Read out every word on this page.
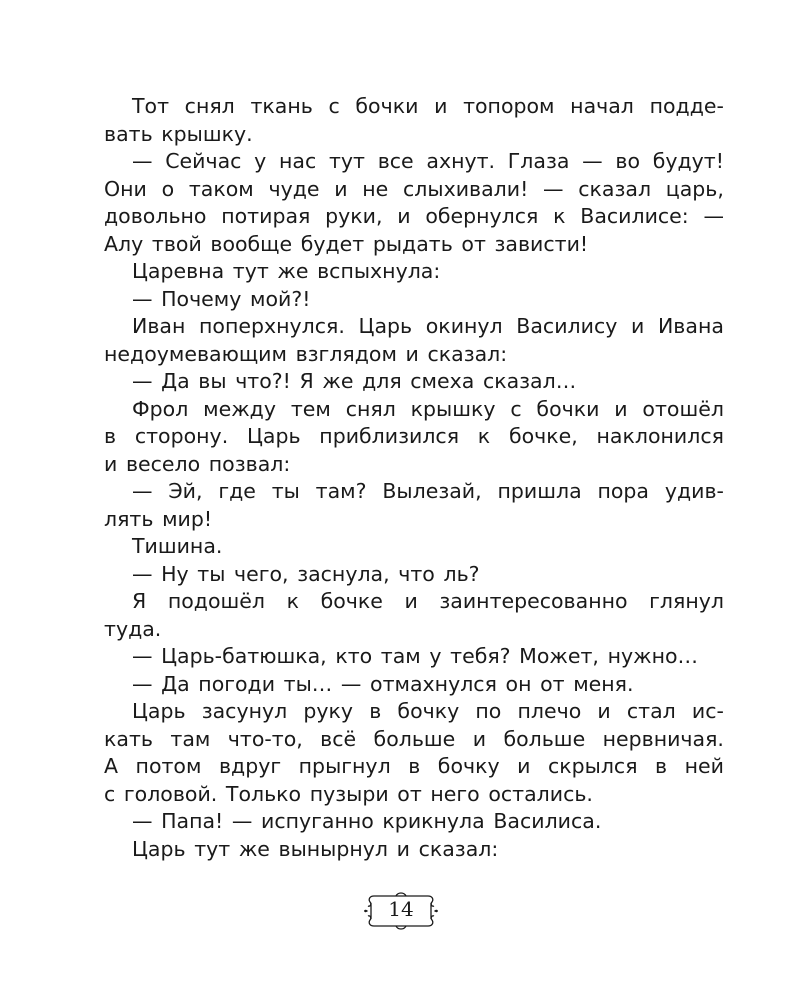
Тот снял ткань с бочки и топором начал подде-
вать крышку.
— Сейчас у нас тут все ахнут. Глаза — во будут!
Они о таком чуде и не слыхивали! — сказал царь,
довольно потирая руки, и обернулся к Василисе: —
Алу твой вообще будет рыдать от зависти!
Царевна тут же вспыхнула:
— Почему мой?!
Иван поперхнулся. Царь окинул Василису и Ивана
недоумевающим взглядом и сказал:
— Да вы что?! Я же для смеха сказал…
Фрол между тем снял крышку с бочки и отошёл
в сторону. Царь приблизился к бочке, наклонился
и весело позвал:
— Эй, где ты там? Вылезай, пришла пора удив-
лять мир!
Тишина.
— Ну ты чего, заснула, что ль?
Я подошёл к бочке и заинтересованно глянул
туда.
— Царь-батюшка, кто там у тебя? Может, нужно…
— Да погоди ты… — отмахнулся он от меня.
Царь засунул руку в бочку по плечо и стал ис-
кать там что-то, всё больше и больше нервничая.
А потом вдруг прыгнул в бочку и скрылся в ней
с головой. Только пузыри от него остались.
— Папа! — испуганно крикнула Василиса.
Царь тут же вынырнул и сказал:
14
